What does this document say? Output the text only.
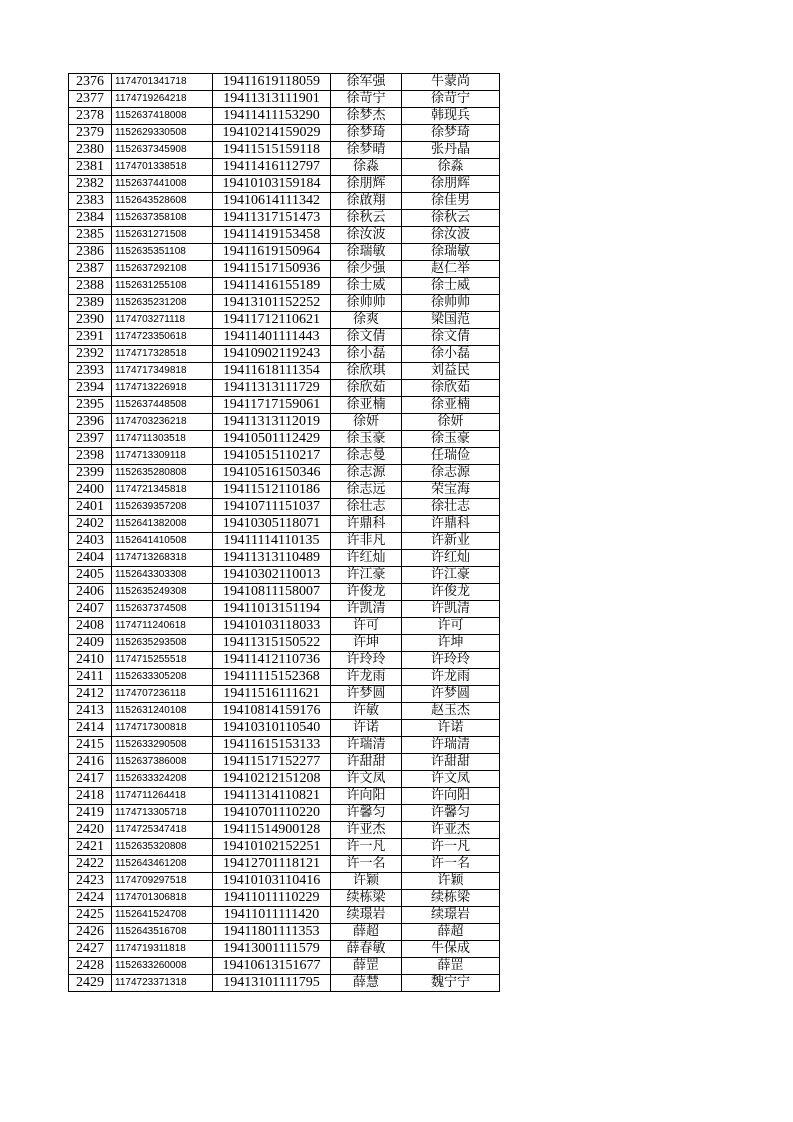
2376	1174701341718	19411619118059	徐军强	牛蒙尚
2377	1174719264218	19411313111901	徐苛宁	徐苛宁
2378	1152637418008	19411411153290	徐梦杰	韩现兵
2379	1152629330508	19410214159029	徐梦琦	徐梦琦
2380	1152637345908	19411515159118	徐梦晴	张丹晶
2381	1174701338518	19411416112797	徐淼	徐淼
2382	1152637441008	19410103159184	徐朋辉	徐朋辉
2383	1152643528608	19410614111342	徐啟翔	徐佳男
2384	1152637358108	19411317151473	徐秋云	徐秋云
2385	1152631271508	19411419153458	徐汝波	徐汝波
2386	1152635351108	19411619150964	徐瑞敏	徐瑞敏
2387	1152637292108	19411517150936	徐少强	赵仁举
2388	1152631255108	19411416155189	徐士威	徐士威
2389	1152635231208	19413101152252	徐帅帅	徐帅帅
2390	1174703271118	19411712110621	徐爽	梁国范
2391	1174723350618	19411401111443	徐文倩	徐文倩
2392	1174717328518	19410902119243	徐小磊	徐小磊
2393	1174717349818	19411618111354	徐欣琪	刘益民
2394	1174713226918	19411313111729	徐欣茹	徐欣茹
2395	1152637448508	19411717159061	徐亚楠	徐亚楠
2396	1174703236218	19411313112019	徐妍	徐妍
2397	1174711303518	19410501112429	徐玉豪	徐玉豪
2398	1174713309118	19410515110217	徐志曼	任瑞俭
2399	1152635280808	19410516150346	徐志源	徐志源
2400	1174721345818	19411512110186	徐志远	荣宝海
2401	1152639357208	19410711151037	徐壮志	徐壮志
2402	1152641382008	19410305118071	许鼎科	许鼎科
2403	1152641410508	19411114110135	许非凡	许新业
2404	1174713268318	19411313110489	许红灿	许红灿
2405	1152643303308	19410302110013	许江豪	许江豪
2406	1152635249308	19410811158007	许俊龙	许俊龙
2407	1152637374508	19411013151194	许凯清	许凯清
2408	1174711240618	19410103118033	许可	许可
2409	1152635293508	19411315150522	许坤	许坤
2410	1174715255518	19411412110736	许玲玲	许玲玲
2411	1152633305208	19411115152368	许龙雨	许龙雨
2412	1174707236118	19411516111621	许梦圆	许梦圆
2413	1152631240108	19410814159176	许敏	赵玉杰
2414	1174717300818	19410310110540	许诺	许诺
2415	1152633290508	19411615153133	许瑞清	许瑞清
2416	1152637386008	19411517152277	许甜甜	许甜甜
2417	1152633324208	19410212151208	许文凤	许文凤
2418	1174711264418	19411314110821	许向阳	许向阳
2419	1174713305718	19410701110220	许馨匀	许馨匀
2420	1174725347418	19411514900128	许亚杰	许亚杰
2421	1152635320808	19410102152251	许一凡	许一凡
2422	1152643461208	19412701118121	许一名	许一名
2423	1174709297518	19410103110416	许颖	许颖
2424	1174701306818	19411011110229	续栋梁	续栋梁
2425	1152641524708	19411011111420	续璟岩	续璟岩
2426	1152643516708	19411801111353	薛超	薛超
2427	1174719311818	19413001111579	薛春敏	牛保成
2428	1152633260008	19410613151677	薛罡	薛罡
2429	1174723371318	19413101111795	薛慧	魏宁宁
